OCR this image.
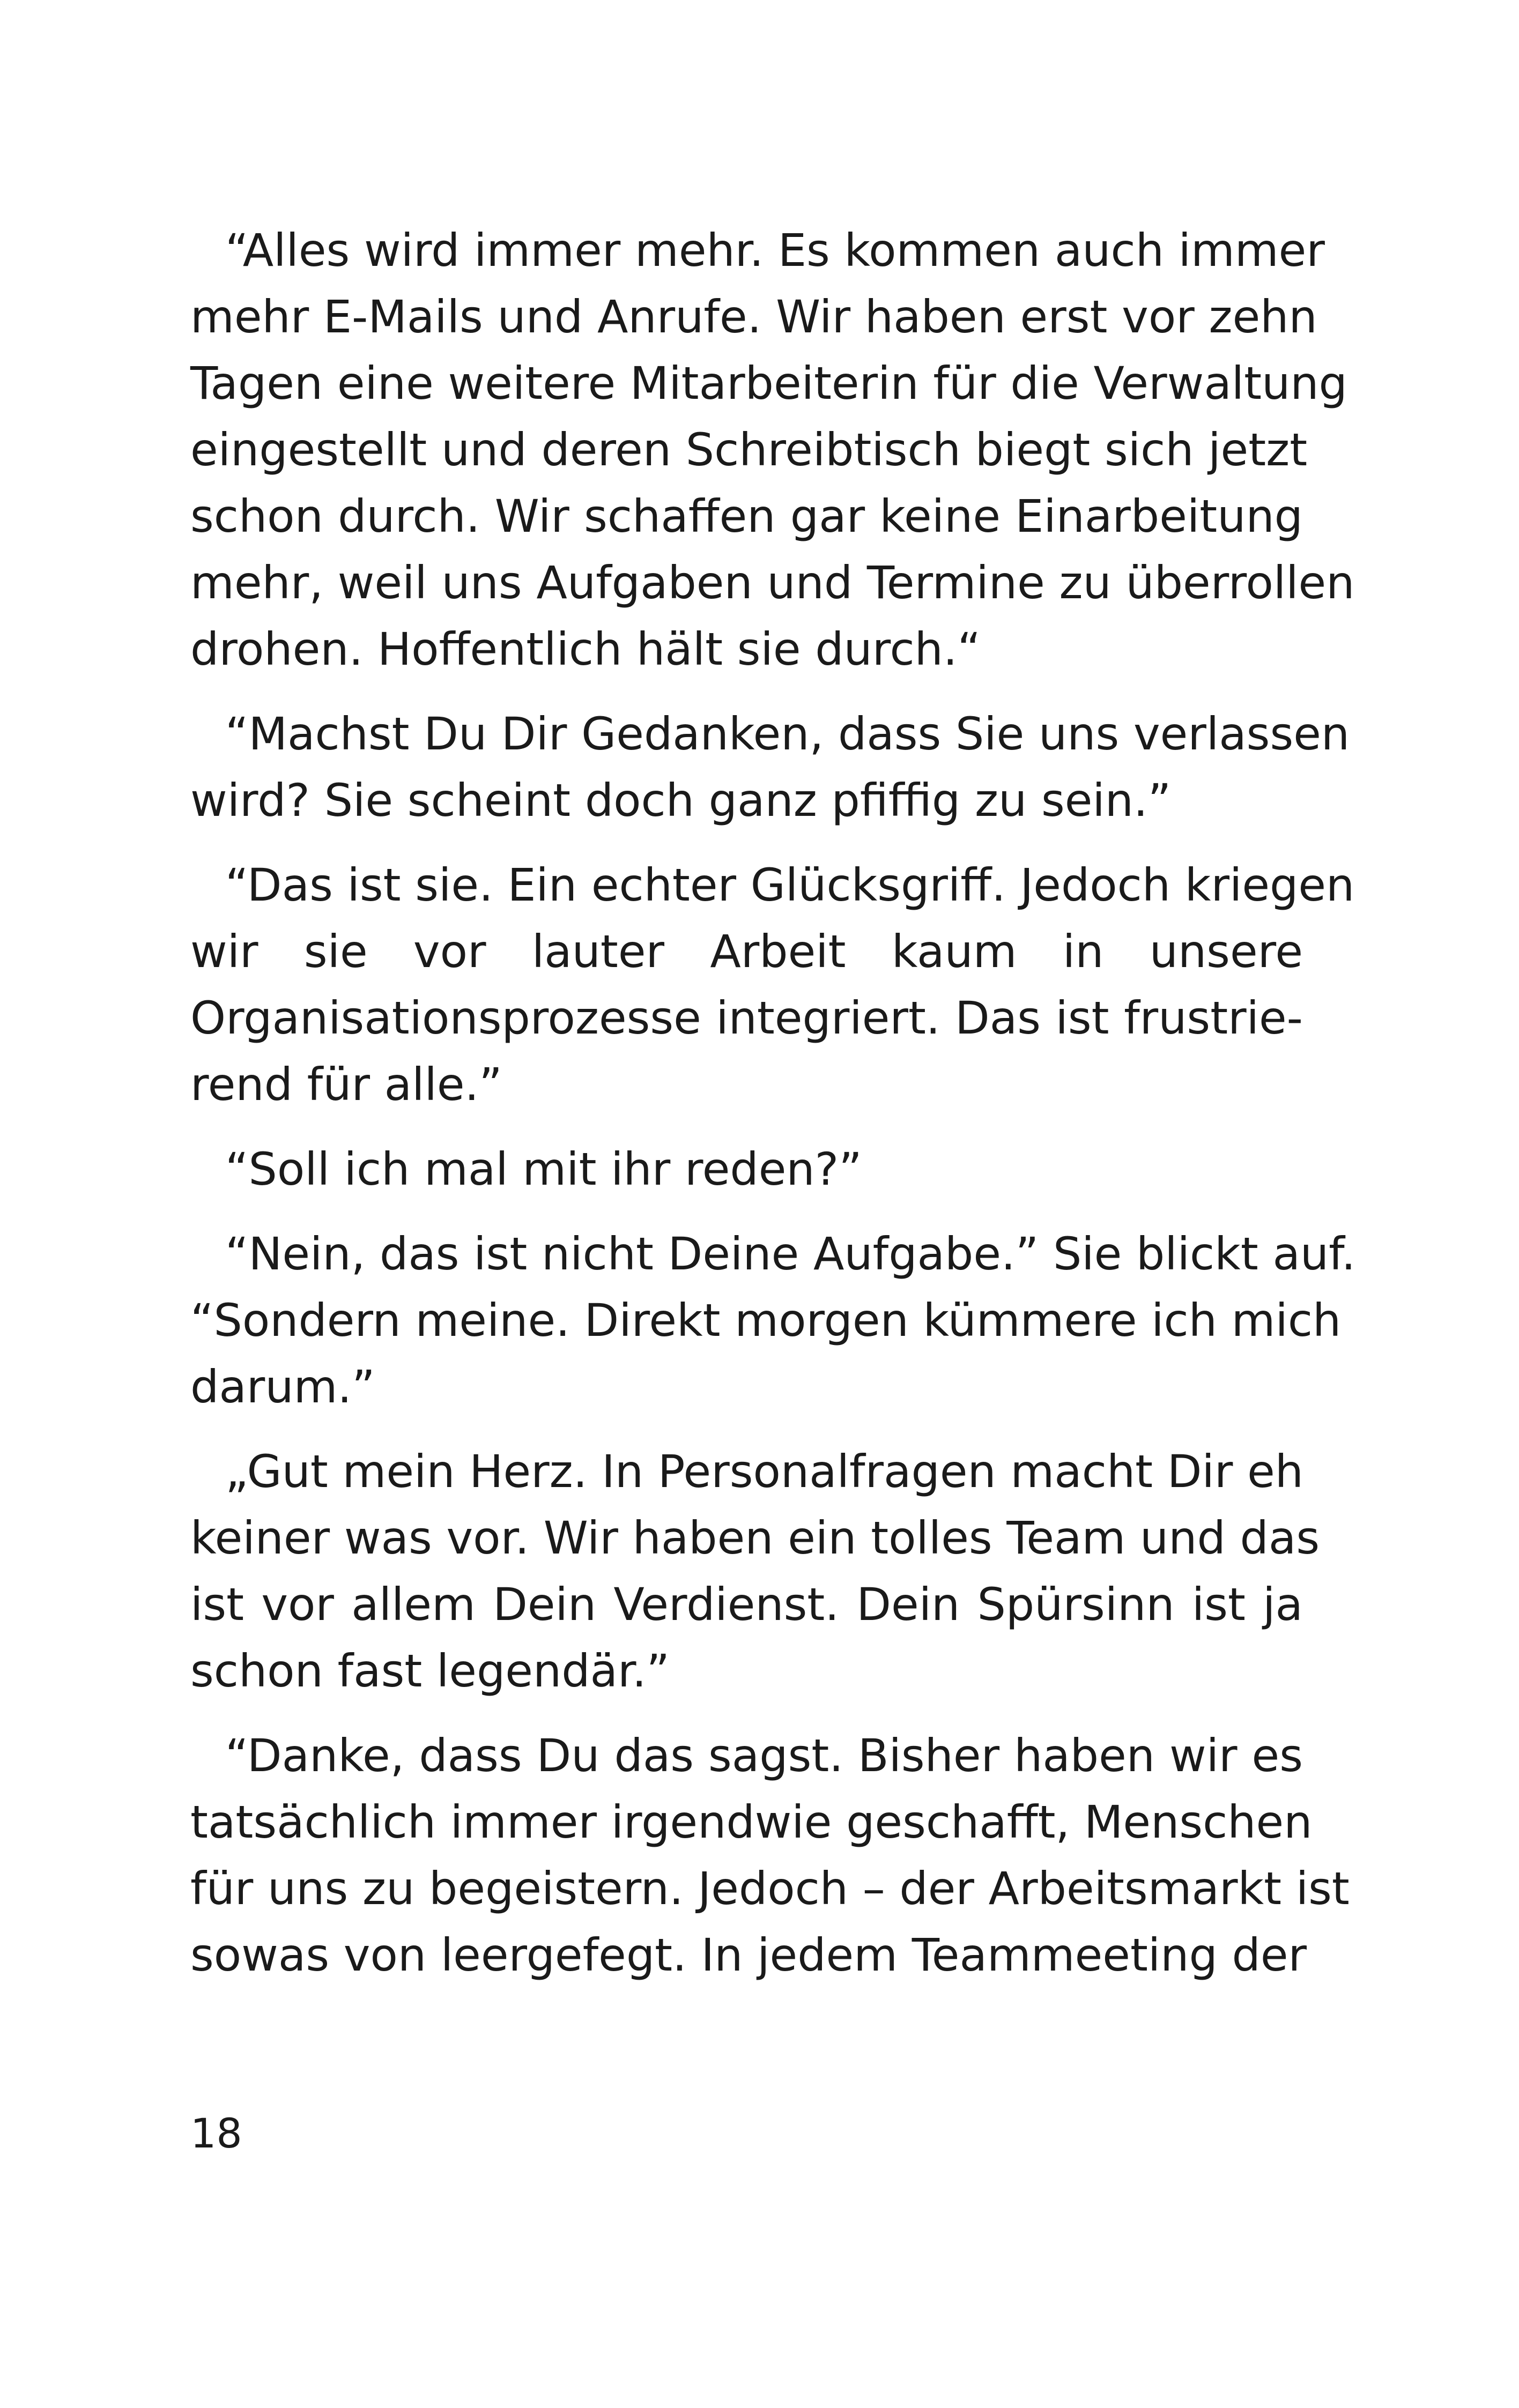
“Alles wird immer mehr. Es kommen auch immer
mehr E-Mails und Anrufe. Wir haben erst vor zehn
Tagen eine weitere Mitarbeiterin für die Verwaltung
eingestellt und deren Schreibtisch biegt sich jetzt
schon durch. Wir schaffen gar keine Einarbeitung
mehr, weil uns Aufgaben und Termine zu überrollen
drohen. Hoffentlich hält sie durch.“
“Machst Du Dir Gedanken, dass Sie uns verlassen
wird? Sie scheint doch ganz pfiffig zu sein.”
“Das ist sie. Ein echter Glücksgriff. Jedoch kriegen
wir sie vor lauter Arbeit kaum in unsere
Organisationsprozesse integriert. Das ist frustrie-
rend für alle.”
“Soll ich mal mit ihr reden?”
“Nein, das ist nicht Deine Aufgabe.” Sie blickt auf.
“Sondern meine. Direkt morgen kümmere ich mich
darum.”
„Gut mein Herz. In Personalfragen macht Dir eh
keiner was vor. Wir haben ein tolles Team und das
ist vor allem Dein Verdienst. Dein Spürsinn ist ja
schon fast legendär.”
“Danke, dass Du das sagst. Bisher haben wir es
tatsächlich immer irgendwie geschafft, Menschen
für uns zu begeistern. Jedoch – der Arbeitsmarkt ist
sowas von leergefegt. In jedem Teammeeting der
18
